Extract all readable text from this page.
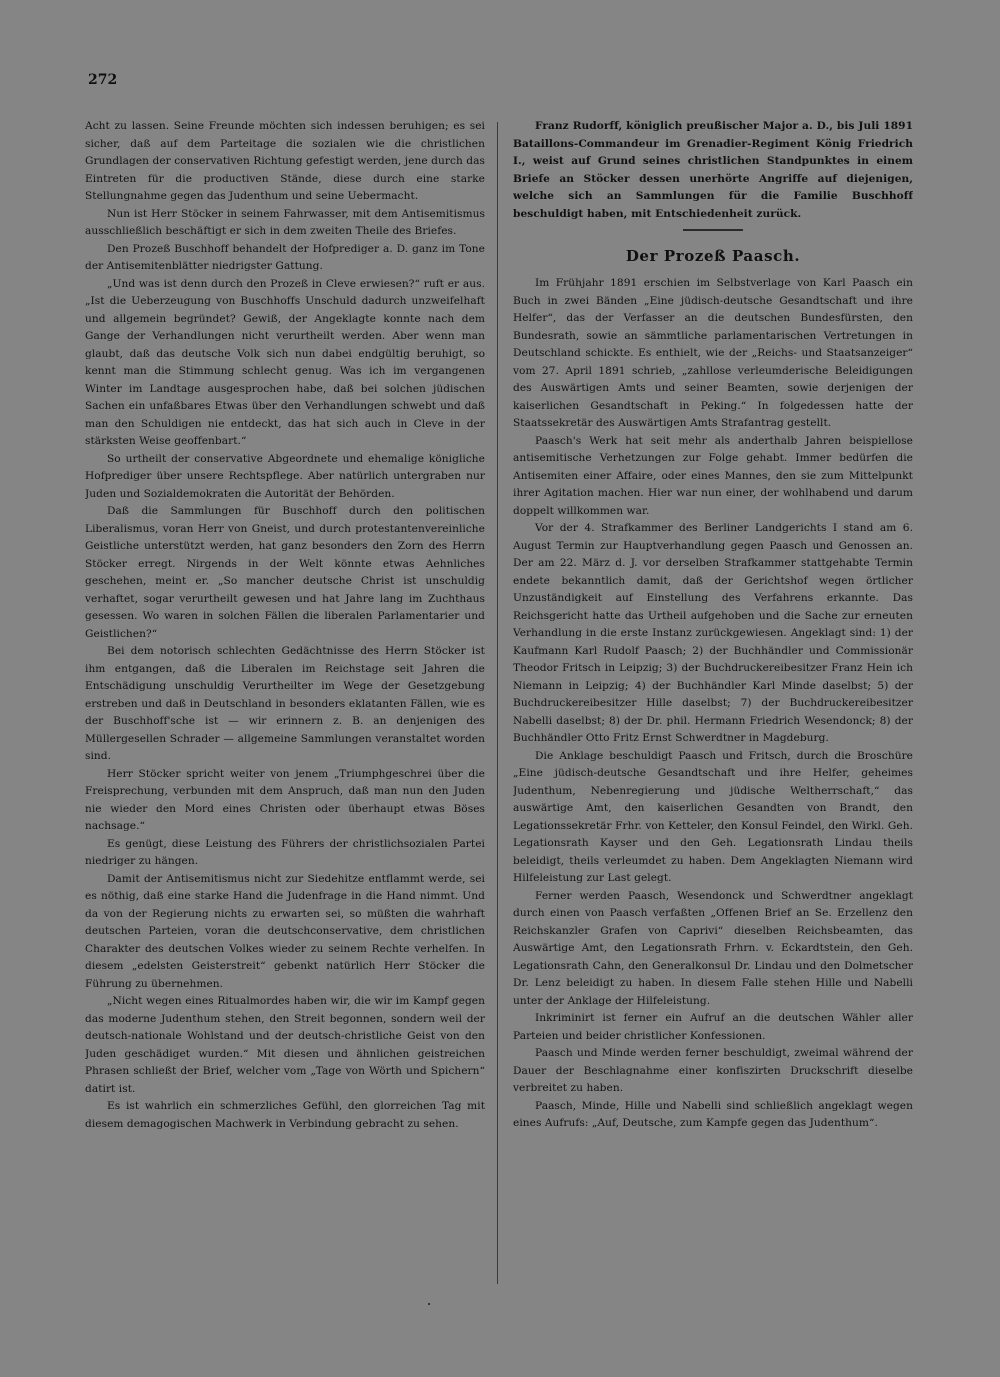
272

Acht zu lassen. Seine Freunde möchten sich indessen beruhigen; es sei sicher, daß auf dem Parteitage die sozialen wie die christlichen Grundlagen der conservativen Richtung gefestigt werden, jene durch das Eintreten für die productiven Stände, diese durch eine starke Stellungnahme gegen das Judenthum und seine Uebermacht.

Nun ist Herr Stöcker in seinem Fahrwasser, mit dem Antisemitismus ausschließlich beschäftigt er sich in dem zweiten Theile des Briefes.

Den Prozeß Buschhoff behandelt der Hofprediger a. D. ganz im Tone der Antisemitenblätter niedrigster Gattung.

„Und was ist denn durch den Prozeß in Cleve erwiesen?“ ruft er aus. „Ist die Ueberzeugung von Buschhoffs Unschuld dadurch unzweifelhaft und allgemein begründet? Gewiß, der Angeklagte konnte nach dem Gange der Verhandlungen nicht verurtheilt werden. Aber wenn man glaubt, daß das deutsche Volk sich nun dabei endgültig beruhigt, so kennt man die Stimmung schlecht genug. Was ich im vergangenen Winter im Landtage ausgesprochen habe, daß bei solchen jüdischen Sachen ein unfaßbares Etwas über den Verhandlungen schwebt und daß man den Schuldigen nie entdeckt, das hat sich auch in Cleve in der stärksten Weise geoffenbart.“

So urtheilt der conservative Abgeordnete und ehemalige königliche Hofprediger über unsere Rechtspflege. Aber natürlich untergraben nur Juden und Sozialdemokraten die Autorität der Behörden.

Daß die Sammlungen für Buschhoff durch den politischen Liberalismus, voran Herr von Gneist, und durch protestantenvereinliche Geistliche unterstützt werden, hat ganz besonders den Zorn des Herrn Stöcker erregt. Nirgends in der Welt könnte etwas Aehnliches geschehen, meint er. „So mancher deutsche Christ ist unschuldig verhaftet, sogar verurtheilt gewesen und hat Jahre lang im Zuchthaus gesessen. Wo waren in solchen Fällen die liberalen Parlamentarier und Geistlichen?“

Bei dem notorisch schlechten Gedächtnisse des Herrn Stöcker ist ihm entgangen, daß die Liberalen im Reichstage seit Jahren die Entschädigung unschuldig Verurtheilter im Wege der Gesetzgebung erstreben und daß in Deutschland in besonders eklatanten Fällen, wie es der Buschhoff'sche ist — wir erinnern z. B. an denjenigen des Müllergesellen Schrader — allgemeine Sammlungen veranstaltet worden sind.

Herr Stöcker spricht weiter von jenem „Triumphgeschrei über die Freisprechung, verbunden mit dem Anspruch, daß man nun den Juden nie wieder den Mord eines Christen oder überhaupt etwas Böses nachsage.“

Es genügt, diese Leistung des Führers der christlichsozialen Partei niedriger zu hängen.

Damit der Antisemitismus nicht zur Siedehitze entflammt werde, sei es nöthig, daß eine starke Hand die Judenfrage in die Hand nimmt. Und da von der Regierung nichts zu erwarten sei, so müßten die wahrhaft deutschen Parteien, voran die deutschconservative, dem christlichen Charakter des deutschen Volkes wieder zu seinem Rechte verhelfen. In diesem „edelsten Geisterstreit“ gebenkt natürlich Herr Stöcker die Führung zu übernehmen.

„Nicht wegen eines Ritualmordes haben wir, die wir im Kampf gegen das moderne Judenthum stehen, den Streit begonnen, sondern weil der deutsch-nationale Wohlstand und der deutsch-christliche Geist von den Juden geschädiget wurden.“ Mit diesen und ähnlichen geistreichen Phrasen schließt der Brief, welcher vom „Tage von Wörth und Spichern“ datirt ist.

Es ist wahrlich ein schmerzliches Gefühl, den glorreichen Tag mit diesem demagogischen Machwerk in Verbindung gebracht zu sehen.

Franz Rudorff, königlich preußischer Major a. D., bis Juli 1891 Bataillons-Commandeur im Grenadier-Regiment König Friedrich I., weist auf Grund seines christlichen Standpunktes in einem Briefe an Stöcker dessen unerhörte Angriffe auf diejenigen, welche sich an Sammlungen für die Familie Buschhoff beschuldigt haben, mit Entschiedenheit zurück.

Der Prozeß Paasch.

Im Frühjahr 1891 erschien im Selbstverlage von Karl Paasch ein Buch in zwei Bänden „Eine jüdisch-deutsche Gesandtschaft und ihre Helfer“, das der Verfasser an die deutschen Bundesfürsten, den Bundesrath, sowie an sämmtliche parlamentarischen Vertretungen in Deutschland schickte. Es enthielt, wie der „Reichs- und Staatsanzeiger“ vom 27. April 1891 schrieb, „zahllose verleumderische Beleidigungen des Auswärtigen Amts und seiner Beamten, sowie derjenigen der kaiserlichen Gesandtschaft in Peking.“ In folgedessen hatte der Staatssekretär des Auswärtigen Amts Strafantrag gestellt.

Paasch's Werk hat seit mehr als anderthalb Jahren beispiellose antisemitische Verhetzungen zur Folge gehabt. Immer bedürfen die Antisemiten einer Affaire, oder eines Mannes, den sie zum Mittelpunkt ihrer Agitation machen. Hier war nun einer, der wohlhabend und darum doppelt willkommen war.

Vor der 4. Strafkammer des Berliner Landgerichts I stand am 6. August Termin zur Hauptverhandlung gegen Paasch und Genossen an. Der am 22. März d. J. vor derselben Strafkammer stattgehabte Termin endete bekanntlich damit, daß der Gerichtshof wegen örtlicher Unzuständigkeit auf Einstellung des Verfahrens erkannte. Das Reichsgericht hatte das Urtheil aufgehoben und die Sache zur erneuten Verhandlung in die erste Instanz zurückgewiesen. Angeklagt sind: 1) der Kaufmann Karl Rudolf Paasch; 2) der Buchhändler und Commissionär Theodor Fritsch in Leipzig; 3) der Buchdruckereibesitzer Franz Hein ich Niemann in Leipzig; 4) der Buchhändler Karl Minde daselbst; 5) der Buchdruckereibesitzer Hille daselbst; 7) der Buchdruckereibesitzer Nabelli daselbst; 8) der Dr. phil. Hermann Friedrich Wesendonck; 8) der Buchhändler Otto Fritz Ernst Schwerdtner in Magdeburg.

Die Anklage beschuldigt Paasch und Fritsch, durch die Broschüre „Eine jüdisch-deutsche Gesandtschaft und ihre Helfer, geheimes Judenthum, Nebenregierung und jüdische Weltherrschaft,“ das auswärtige Amt, den kaiserlichen Gesandten von Brandt, den Legationssekretär Frhr. von Ketteler, den Konsul Feindel, den Wirkl. Geh. Legationsrath Kayser und den Geh. Legationsrath Lindau theils beleidigt, theils verleumdet zu haben. Dem Angeklagten Niemann wird Hilfeleistung zur Last gelegt.

Ferner werden Paasch, Wesendonck und Schwerdtner angeklagt durch einen von Paasch verfaßten „Offenen Brief an Se. Erzellenz den Reichskanzler Grafen von Caprivi“ dieselben Reichsbeamten, das Auswärtige Amt, den Legationsrath Frhrn. v. Eckardtstein, den Geh. Legationsrath Cahn, den Generalkonsul Dr. Lindau und den Dolmetscher Dr. Lenz beleidigt zu haben. In diesem Falle stehen Hille und Nabelli unter der Anklage der Hilfeleistung.

Inkriminirt ist ferner ein Aufruf an die deutschen Wähler aller Parteien und beider christlicher Konfessionen.

Paasch und Minde werden ferner beschuldigt, zweimal während der Dauer der Beschlagnahme einer konfiszirten Druckschrift dieselbe verbreitet zu haben.

Paasch, Minde, Hille und Nabelli sind schließlich angeklagt wegen eines Aufrufs: „Auf, Deutsche, zum Kampfe gegen das Judenthum“.
